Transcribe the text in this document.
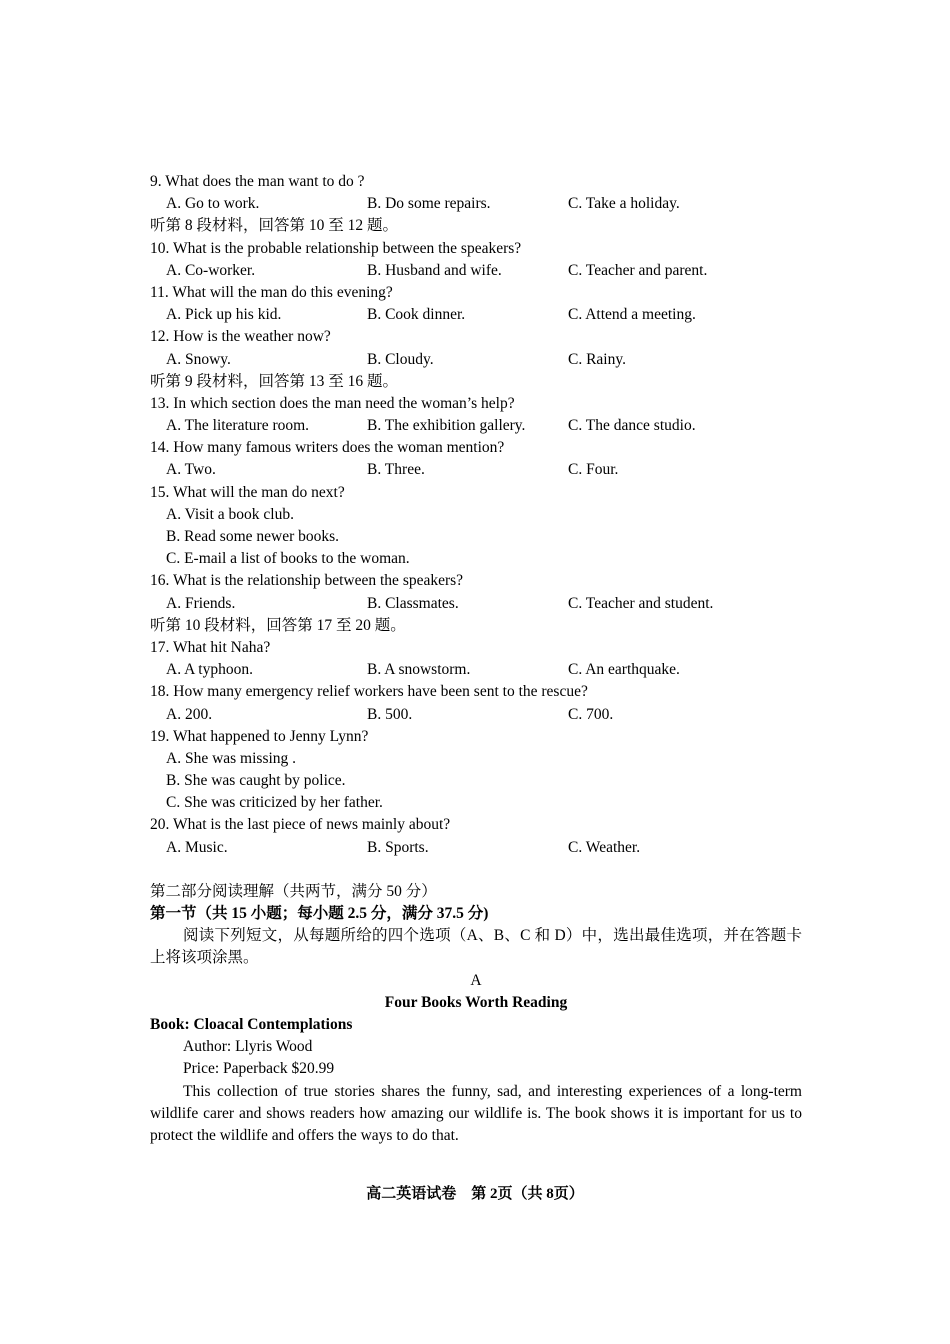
9. What does the man want to do ?
A. Go to work.	B. Do some repairs.	C. Take a holiday.
听第 8 段材料，回答第 10 至 12 题。
10. What is the probable relationship between the speakers?
A. Co-worker.	B. Husband and wife.	C. Teacher and parent.
11. What will the man do this evening?
A. Pick up his kid.	B. Cook dinner.	C. Attend a meeting.
12. How is the weather now?
A. Snowy.	B. Cloudy.	C. Rainy.
听第 9 段材料，回答第 13 至 16 题。
13. In which section does the man need the woman’s help?
A. The literature room.	B. The exhibition gallery.	C. The dance studio.
14. How many famous writers does the woman mention?
A. Two.	B. Three.	C. Four.
15. What will the man do next?
A. Visit a book club.
B. Read some newer books.
C. E-mail a list of books to the woman.
16. What is the relationship between the speakers?
A. Friends.	B. Classmates.	C. Teacher and student.
听第 10 段材料，回答第 17 至 20 题。
17. What hit Naha?
A. A typhoon.	B. A snowstorm.	C. An earthquake.
18. How many emergency relief workers have been sent to the rescue?
A. 200.	B. 500.	C. 700.
19. What happened to Jenny Lynn?
A. She was missing .
B. She was caught by police.
C. She was criticized by her father.
20. What is the last piece of news mainly about?
A. Music.	B. Sports.	C. Weather.
第二部分阅读理解（共两节，满分 50 分）
第一节（共 15 小题；每小题 2.5 分，满分 37.5 分)
阅读下列短文，从每题所给的四个选项（A、B、C 和 D）中，选出最佳选项，并在答题卡上将该项涂黑。
A
Four Books Worth Reading
Book: Cloacal Contemplations
Author: Llyris Wood
Price: Paperback $20.99
This collection of true stories shares the funny, sad, and interesting experiences of a long-term wildlife carer and shows readers how amazing our wildlife is. The book shows it is important for us to protect the wildlife and offers the ways to do that.
高二英语试卷　第 2页（共 8页）
